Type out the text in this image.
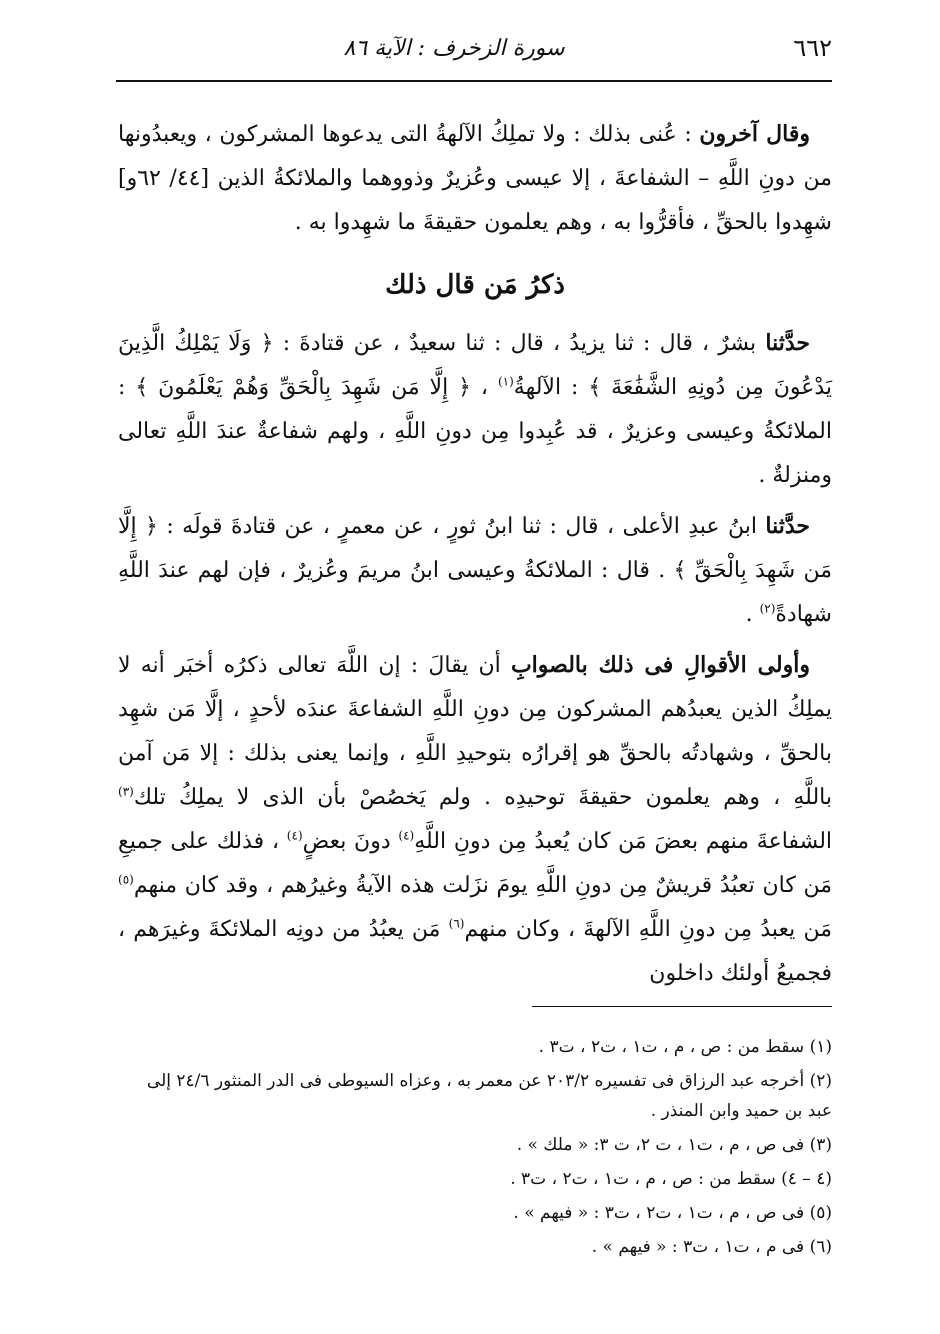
٦٦٢
سورة الزخرف : الآية ٨٦

وقال آخرون : عُنى بذلك : ولا تملِكُ الآلهةُ التى يدعوها المشركون ، ويعبدُونها من دونِ اللَّهِ – الشفاعةَ ، إلا عيسى وعُزيرٌ وذووهما والملائكةُ الذين [٤٤/ ٦٢و] شهِدوا بالحقِّ ، فأقرُّوا به ، وهم يعلمون حقيقةَ ما شهِدوا به .

ذكرُ مَن قال ذلك

حدَّثنا بشرٌ ، قال : ثنا يزيدُ ، قال : ثنا سعيدٌ ، عن قتادةَ : ﴿ وَلَا يَمْلِكُ الَّذِينَ يَدْعُونَ مِن دُونِهِ الشَّفَٰعَةَ ﴾ : الآلهةُ$^{(١)}$ ، ﴿ إِلَّا مَن شَهِدَ بِالْحَقِّ وَهُمْ يَعْلَمُونَ ﴾ : الملائكةُ وعيسى وعزيرٌ ، قد عُبِدوا مِن دونِ اللَّهِ ، ولهم شفاعةٌ عندَ اللَّهِ تعالى ومنزلةٌ .

حدَّثنا ابنُ عبدِ الأعلى ، قال : ثنا ابنُ ثورٍ ، عن معمرٍ ، عن قتادةَ قولَه : ﴿ إِلَّا مَن شَهِدَ بِالْحَقِّ ﴾ . قال : الملائكةُ وعيسى ابنُ مريمَ وعُزيرٌ ، فإن لهم عندَ اللَّهِ شهادةً$^{(٢)}$ .

وأولى الأقوالِ فى ذلك بالصوابِ أن يقالَ : إن اللَّهَ تعالى ذكرُه أخبَر أنه لا يملِكُ الذين يعبدُهم المشركون مِن دونِ اللَّهِ الشفاعةَ عندَه لأحدٍ ، إلَّا مَن شهِد بالحقِّ ، وشهادتُه بالحقِّ هو إقرارُه بتوحيدِ اللَّهِ ، وإنما يعنى بذلك : إلا مَن آمن باللَّهِ ، وهم يعلمون حقيقةَ توحيدِه . ولم يَخصُصْ بأن الذى لا يملِكُ تلك$^{(٣)}$ الشفاعةَ منهم بعضَ مَن كان يُعبدُ مِن دونِ اللَّهِ$^{(٤)}$ دونَ بعضٍ$^{(٤)}$ ، فذلك على جميعِ مَن كان تعبُدُ قريشٌ مِن دونِ اللَّهِ يومَ نزَلت هذه الآيةُ وغيرُهم ، وقد كان منهم$^{(٥)}$ مَن يعبدُ مِن دونِ اللَّهِ الآلهةَ ، وكان منهم$^{(٦)}$ مَن يعبُدُ من دونِه الملائكةَ وغيرَهم ، فجميعُ أولئك داخلون

(١) سقط من : ص ، م ، ت١ ، ت٢ ، ت٣ .

(٢) أخرجه عبد الرزاق فى تفسيره ٢٠٣/٢ عن معمر به ، وعزاه السيوطى فى الدر المنثور ٢٤/٦ إلى عبد بن حميد وابن المنذر .

(٣) فى ص ، م ، ت١ ، ت ٢، ت ٣: « ملك » .

(٤ – ٤) سقط من : ص ، م ، ت١ ، ت٢ ، ت٣ .

(٥) فى ص ، م ، ت١ ، ت٢ ، ت٣ : « فيهم » .

(٦) فى م ، ت١ ، ت٣ : « فيهم » .
